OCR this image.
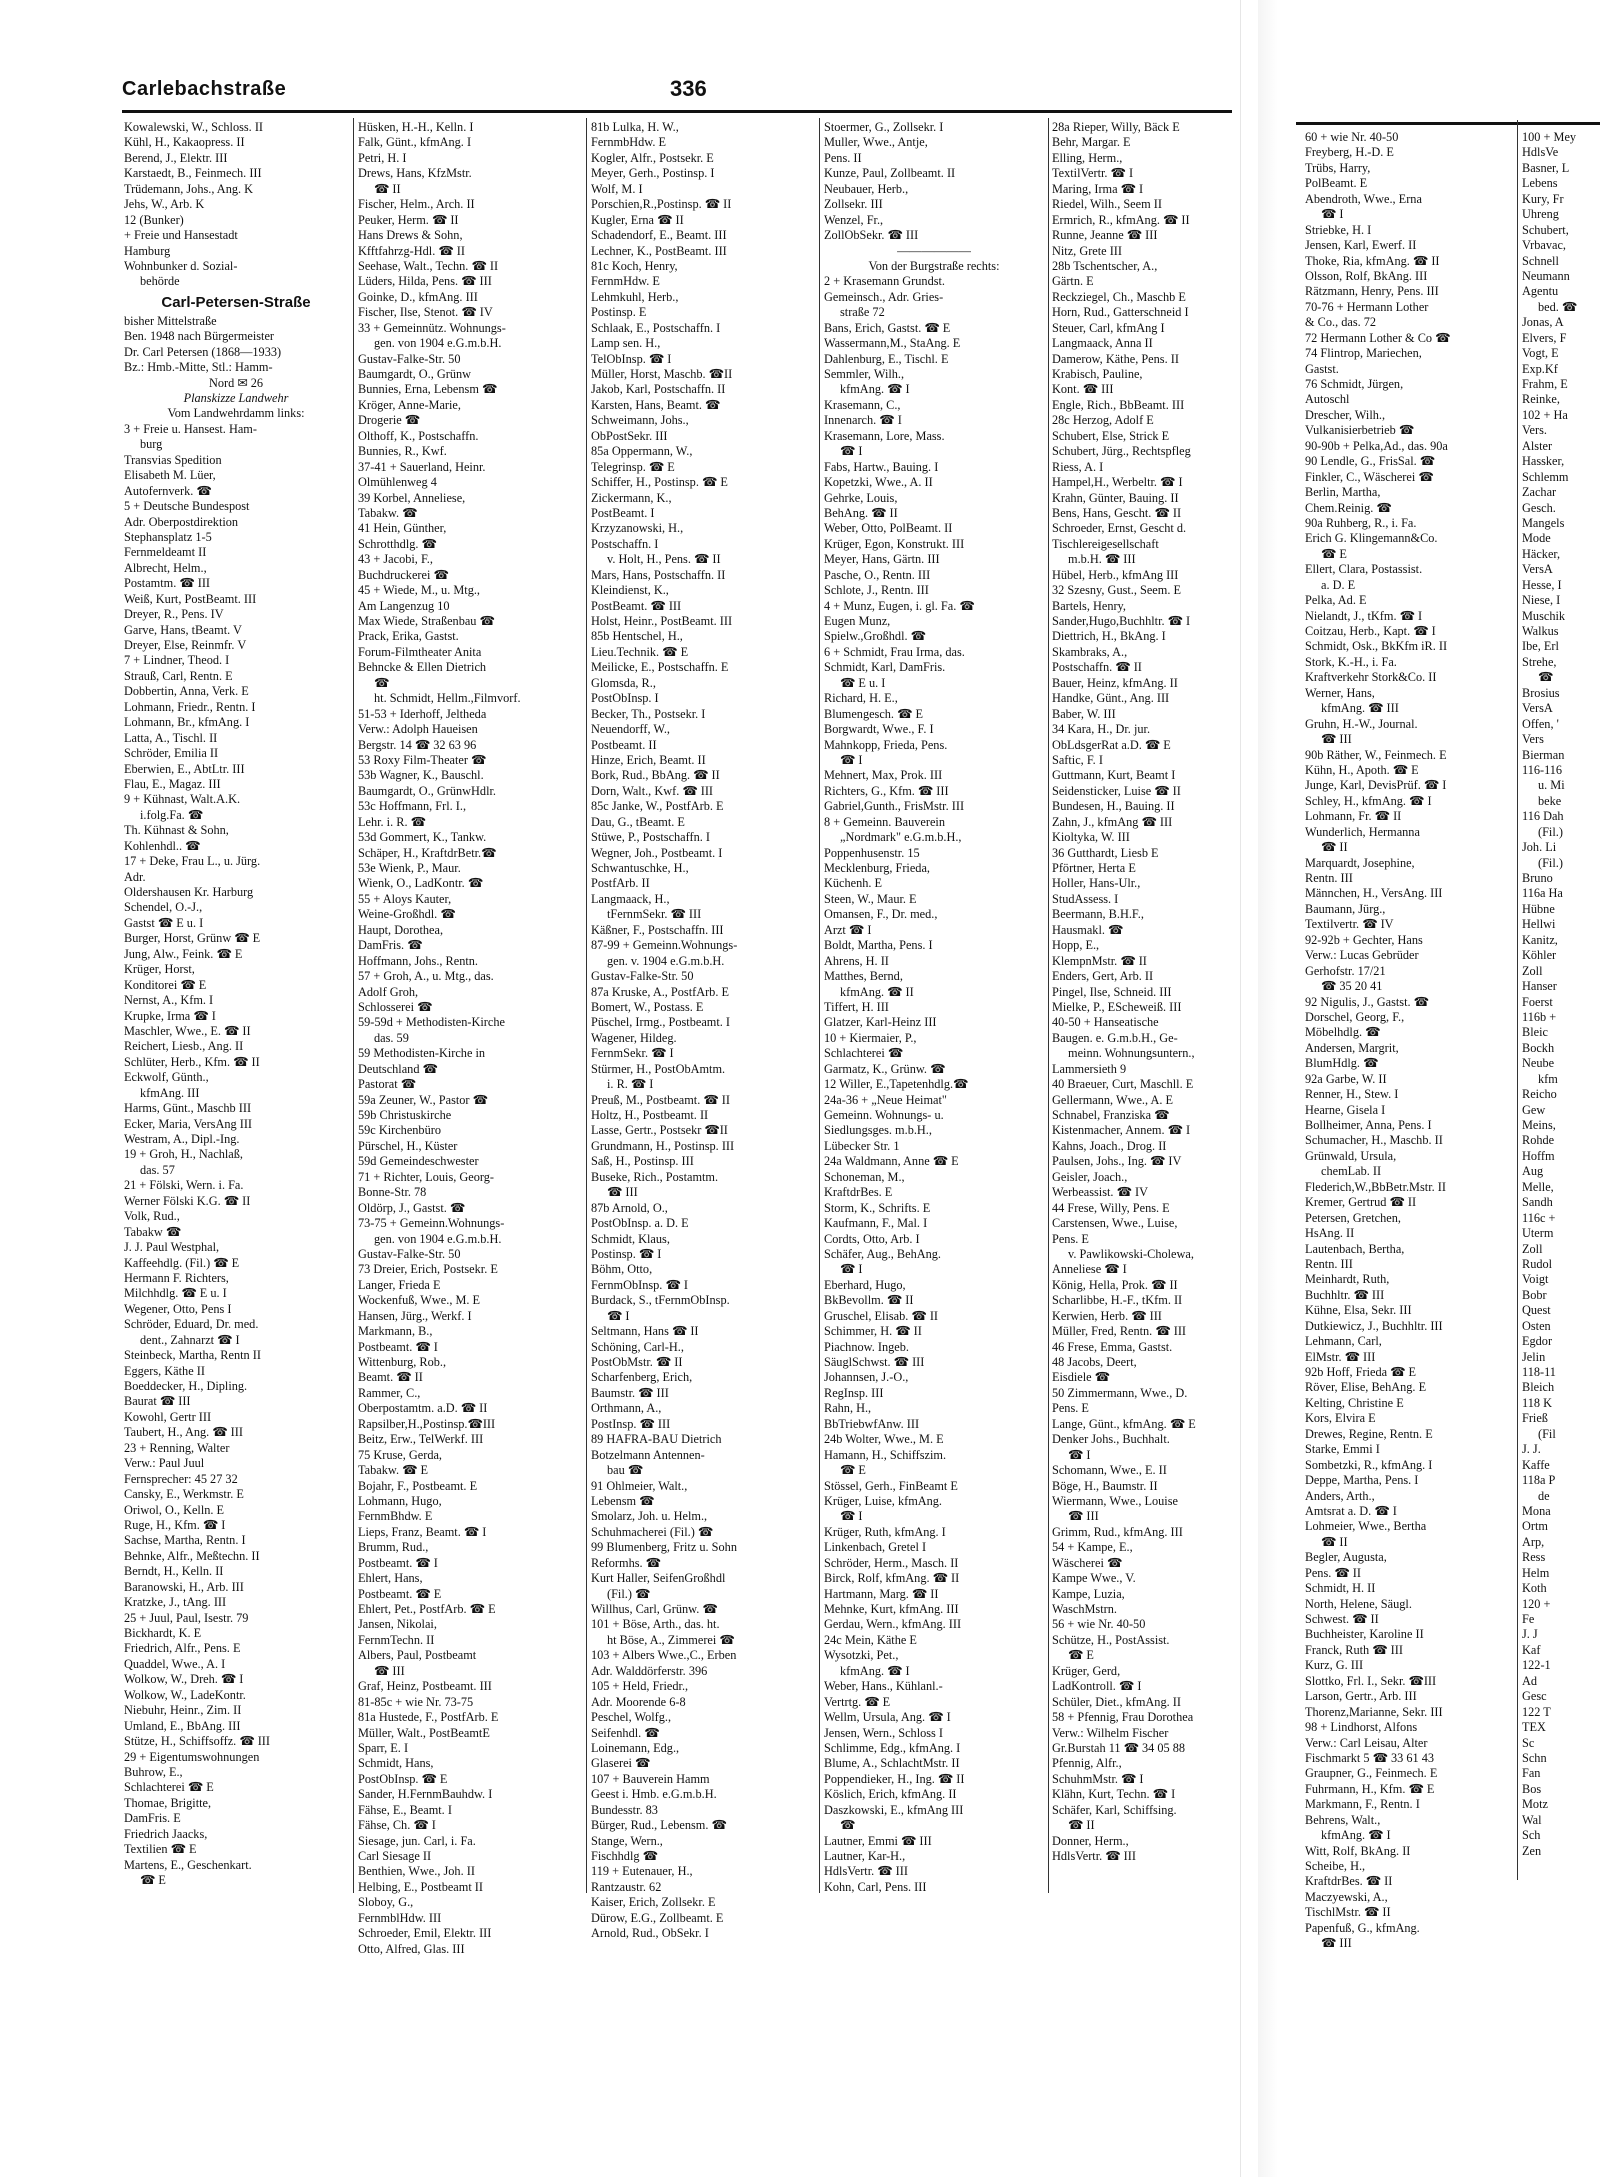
Carlebachstraße	336
Kowalewski, W., Schloss. II
Kühl, H., Kakaopress. II
Berend, J., Elektr. III
Karstaedt, B., Feinmech. III
Trüdemann, Johs., Ang. K
Jehs, W., Arb. K
12 (Bunker)
+ Freie und Hansestadt
Hamburg
Wohnbunker d. Sozial-
behörde
Carl-Petersen-Straße
bisher Mittelstraße
Ben. 1948 nach Bürgermeister
Dr. Carl Petersen (1868—1933)
Bz.: Hmb.-Mitte, Stl.: Hamm-
Nord ✉ 26
Planskizze Landwehr
Vom Landwehrdamm links:
3 + Freie u. Hansest. Ham-
burg
Transvias Spedition
Elisabeth M. Lüer,
Autofernverk. ☎
5 + Deutsche Bundespost
Adr. Oberpostdirektion
Stephansplatz 1-5
Fernmeldeamt II
Albrecht, Helm.,
Postamtm. ☎ III
Weiß, Kurt, PostBeamt. III
Dreyer, R., Pens. IV
Garve, Hans, tBeamt. V
Dreyer, Else, Reinmfr. V
7 + Lindner, Theod. I
Strauß, Carl, Rentn. E
Dobbertin, Anna, Verk. E
Lohmann, Friedr., Rentn. I
Lohmann, Br., kfmAng. I
Latta, A., Tischl. II
Schröder, Emilia II
Eberwien, E., AbtLtr. III
Flau, E., Magaz. III
9 + Kühnast, Walt.A.K.
i.folg.Fa. ☎
Th. Kühnast & Sohn,
Kohlenhdl.. ☎
17 + Deke, Frau L., u. Jürg.
Adr.
Oldershausen Kr. Harburg
Schendel, O.-J.,
Gastst ☎ E u. I
Burger, Horst, Grünw ☎ E
Jung, Alw., Feink. ☎ E
Krüger, Horst,
Konditorei ☎ E
Nernst, A., Kfm. I
Krupke, Irma ☎ I
Maschler, Wwe., E. ☎ II
Reichert, Liesb., Ang. II
Schlüter, Herb., Kfm. ☎ II
Eckwolf, Günth.,
kfmAng. III
Harms, Günt., Maschb III
Ecker, Maria, VersAng III
Westram, A., Dipl.-Ing.
19 + Groh, H., Nachlaß,
das. 57
21 + Fölski, Wern. i. Fa.
Werner Fölski K.G. ☎ II
Volk, Rud.,
Tabakw ☎
J. J. Paul Westphal,
Kaffeehdlg. (Fil.) ☎ E
Hermann F. Richters,
Milchhdlg. ☎ E u. I
Wegener, Otto, Pens I
Schröder, Eduard, Dr. med.
dent., Zahnarzt ☎ I
Steinbeck, Martha, Rentn II
Eggers, Käthe II
Boeddecker, H., Dipling.
Baurat ☎ III
Kowohl, Gertr III
Taubert, H., Ang. ☎ III
23 + Renning, Walter
Verw.: Paul Juul
Fernsprecher: 45 27 32
Cansky, E., Werkmstr. E
Oriwol, O., Kelln. E
Ruge, H., Kfm. ☎ I
Sachse, Martha, Rentn. I
Behnke, Alfr., Meßtechn. II
Berndt, H., Kelln. II
Baranowski, H., Arb. III
Kratzke, J., tAng. III
25 + Juul, Paul, Isestr. 79
Bickhardt, K. E
Friedrich, Alfr., Pens. E
Quaddel, Wwe., A. I
Wolkow, W., Dreh. ☎ I
Wolkow, W., LadeKontr.
Niebuhr, Heinr., Zim. II
Umland, E., BbAng. III
Stütze, H., Schiffsoffz. ☎ III
29 + Eigentumswohnungen
Buhrow, E.,
Schlachterei ☎ E
Thomae, Brigitte,
DamFris. E
Friedrich Jaacks,
Textilien ☎ E
Martens, E., Geschenkart.
☎ E
Hüsken, H.-H., Kelln. I
Falk, Günt., kfmAng. I
Petri, H. I
Drews, Hans, KfzMstr.
☎ II
Fischer, Helm., Arch. II
Peuker, Herm. ☎ II
Hans Drews & Sohn,
Kfftfahrzg-Hdl. ☎ II
Seehase, Walt., Techn. ☎ II
Lüders, Hilda, Pens. ☎ III
Goinke, D., kfmAng. III
Fischer, Ilse, Stenot. ☎ IV
33 + Gemeinnütz. Wohnungs-
gen. von 1904 e.G.m.b.H.
Gustav-Falke-Str. 50
Baumgardt, O., Grünw
Bunnies, Erna, Lebensm ☎
Kröger, Anne-Marie,
Drogerie ☎
Olthoff, K., Postschaffn.
Bunnies, R., Kwf.
37-41 + Sauerland, Heinr.
Olmühlenweg 4
39 Korbel, Anneliese,
Tabakw. ☎
41 Hein, Günther,
Schrotthdlg. ☎
43 + Jacobi, F.,
Buchdruckerei ☎
45 + Wiede, M., u. Mtg.,
Am Langenzug 10
Max Wiede, Straßenbau ☎
Prack, Erika, Gastst.
Forum-Filmtheater Anita
Behncke & Ellen Dietrich
☎
ht. Schmidt, Hellm.,Filmvorf.
51-53 + Iderhoff, Jeltheda
Verw.: Adolph Haueisen
Bergstr. 14 ☎ 32 63 96
53 Roxy Film-Theater ☎
53b Wagner, K., Bauschl.
Baumgardt, O., GrünwHdlr.
53c Hoffmann, Frl. I.,
Lehr. i. R. ☎
53d Gommert, K., Tankw.
Schäper, H., KraftdrBetr.☎
53e Wienk, P., Maur.
Wienk, O., LadKontr. ☎
55 + Aloys Kauter,
Weine-Großhdl. ☎
Haupt, Dorothea,
DamFris. ☎
Hoffmann, Johs., Rentn.
57 + Groh, A., u. Mtg., das.
Adolf Groh,
Schlosserei ☎
59-59d + Methodisten-Kirche
das. 59
59 Methodisten-Kirche in
Deutschland ☎
Pastorat ☎
59a Zeuner, W., Pastor ☎
59b Christuskirche
59c Kirchenbüro
Pürschel, H., Küster
59d Gemeindeschwester
71 + Richter, Louis, Georg-
Bonne-Str. 78
Oldörp, J., Gastst. ☎
73-75 + Gemeinn.Wohnungs-
gen. von 1904 e.G.m.b.H.
Gustav-Falke-Str. 50
73 Dreier, Erich, Postsekr. E
Langer, Frieda E
Wockenfuß, Wwe., M. E
Hansen, Jürg., Werkf. I
Markmann, B.,
Postbeamt. ☎ I
Wittenburg, Rob.,
Beamt. ☎ II
Rammer, C.,
Oberpostamtm. a.D. ☎ II
Rapsilber,H.,Postinsp.☎III
Beitz, Erw., TelWerkf. III
75 Kruse, Gerda,
Tabakw. ☎ E
Bojahr, F., Postbeamt. E
Lohmann, Hugo,
FernmBhdw. E
Lieps, Franz, Beamt. ☎ I
Brumm, Rud.,
Postbeamt. ☎ I
Ehlert, Hans,
Postbeamt. ☎ E
Ehlert, Pet., PostfArb. ☎ E
Jansen, Nikolai,
FernmTechn. II
Albers, Paul, Postbeamt
☎ III
Graf, Heinz, Postbeamt. III
81-85c + wie Nr. 73-75
81a Hustede, F., PostfArb. E
Müller, Walt., PostBeamtE
Sparr, E. I
Schmidt, Hans,
PostObInsp. ☎ E
Sander, H.FernmBauhdw. I
Fähse, E., Beamt. I
Fähse, Ch. ☎ I
Siesage, jun. Carl, i. Fa.
Carl Siesage II
Benthien, Wwe., Joh. II
Helbing, E., Postbeamt II
Sloboy, G.,
FernmblHdw. III
Schroeder, Emil, Elektr. III
Otto, Alfred, Glas. III
81b Lulka, H. W.,
FernmbHdw. E
Kogler, Alfr., Postsekr. E
Meyer, Gerh., Postinsp. I
Wolf, M. I
Porschien,R.,Postinsp. ☎ II
Kugler, Erna ☎ II
Schadendorf, E., Beamt. III
Lechner, K., PostBeamt. III
81c Koch, Henry,
FernmHdw. E
Lehmkuhl, Herb.,
Postinsp. E
Schlaak, E., Postschaffn. I
Lamp sen. H.,
TelObInsp. ☎ I
Müller, Horst, Maschb. ☎II
Jakob, Karl, Postschaffn. II
Karsten, Hans, Beamt. ☎
Schweimann, Johs.,
ObPostSekr. III
85a Oppermann, W.,
Telegrinsp. ☎ E
Schiffer, H., Postinsp. ☎ E
Zickermann, K.,
PostBeamt. I
Krzyzanowski, H.,
Postschaffn. I
v. Holt, H., Pens. ☎ II
Mars, Hans, Postschaffn. II
Kleindienst, K.,
PostBeamt. ☎ III
Holst, Heinr., PostBeamt. III
85b Hentschel, H.,
Lieu.Technik. ☎ E
Meilicke, E., Postschaffn. E
Glomsda, R.,
PostObInsp. I
Becker, Th., Postsekr. I
Neuendorff, W.,
Postbeamt. II
Hinze, Erich, Beamt. II
Bork, Rud., BbAng. ☎ II
Dorn, Walt., Kwf. ☎ III
85c Janke, W., PostfArb. E
Dau, G., tBeamt. E
Stüwe, P., Postschaffn. I
Wegner, Joh., Postbeamt. I
Schwantuschke, H.,
PostfArb. II
Langmaack, H.,
tFernmSekr. ☎ III
Käßner, F., Postschaffn. III
87-99 + Gemeinn.Wohnungs-
gen. v. 1904 e.G.m.b.H.
Gustav-Falke-Str. 50
87a Kruske, A., PostfArb. E
Bomert, W., Postass. E
Püschel, Irmg., Postbeamt. I
Wagener, Hildeg.
FernmSekr. ☎ I
Stürmer, H., PostObAmtm.
i. R. ☎ I
Preuß, M., Postbeamt. ☎ II
Holtz, H., Postbeamt. II
Lasse, Gertr., Postsekr ☎II
Grundmann, H., Postinsp. III
Saß, H., Postinsp. III
Buseke, Rich., Postamtm.
☎ III
87b Arnold, O.,
PostObInsp. a. D. E
Schmidt, Klaus,
Postinsp. ☎ I
Böhm, Otto,
FernmObInsp. ☎ I
Burdack, S., tFernmObInsp.
☎ I
Seltmann, Hans ☎ II
Schöning, Carl-H.,
PostObMstr. ☎ II
Scharfenberg, Erich,
Baumstr. ☎ III
Orthmann, A.,
PostInsp. ☎ III
89 HAFRA-BAU Dietrich
Botzelmann Antennen-
bau ☎
91 Ohlmeier, Walt.,
Lebensm ☎
Smolarz, Joh. u. Helm.,
Schuhmacherei (Fil.) ☎
99 Blumenberg, Fritz u. Sohn
Reformhs. ☎
Kurt Haller, SeifenGroßhdl
(Fil.) ☎
Willhus, Carl, Grünw. ☎
101 + Böse, Arth., das. ht.
ht Böse, A., Zimmerei ☎
103 + Albers Wwe.,C., Erben
Adr. Walddörferstr. 396
105 + Held, Friedr.,
Adr. Moorende 6-8
Peschel, Wolfg.,
Seifenhdl. ☎
Loinemann, Edg.,
Glaserei ☎
107 + Bauverein Hamm
Geest i. Hmb. e.G.m.b.H.
Bundesstr. 83
Bürger, Rud., Lebensm. ☎
Stange, Wern.,
Fischhdlg ☎
119 + Eutenauer, H.,
Rantzaustr. 62
Kaiser, Erich, Zollsekr. E
Dürow, E.G., Zollbeamt. E
Arnold, Rud., ObSekr. I
Stoermer, G., Zollsekr. I
Muller, Wwe., Antje,
Pens. II
Kunze, Paul, Zollbeamt. II
Neubauer, Herb.,
Zollsekr. III
Wenzel, Fr.,
ZollObSekr. ☎ III
——————
Von der Burgstraße rechts:
2 + Krasemann Grundst.
Gemeinsch., Adr. Gries-
straße 72
Bans, Erich, Gastst. ☎ E
Wassermann,M., StaAng. E
Dahlenburg, E., Tischl. E
Semmler, Wilh.,
kfmAng. ☎ I
Krasemann, C.,
Innenarch. ☎ I
Krasemann, Lore, Mass.
☎ I
Fabs, Hartw., Bauing. I
Kopetzki, Wwe., A. II
Gehrke, Louis,
BehAng. ☎ II
Weber, Otto, PolBeamt. II
Krüger, Egon, Konstrukt. III
Meyer, Hans, Gärtn. III
Pasche, O., Rentn. III
Schlote, J., Rentn. III
4 + Munz, Eugen, i. gl. Fa. ☎
Eugen Munz,
Spielw.,Großhdl. ☎
6 + Schmidt, Frau Irma, das.
Schmidt, Karl, DamFris.
☎ E u. I
Richard, H. E.,
Blumengesch. ☎ E
Borgwardt, Wwe., F. I
Mahnkopp, Frieda, Pens.
☎ I
Mehnert, Max, Prok. III
Richters, G., Kfm. ☎ III
Gabriel,Gunth., FrisMstr. III
8 + Gemeinn. Bauverein
„Nordmark" e.G.m.b.H.,
Poppenhusenstr. 15
Mecklenburg, Frieda,
Küchenh. E
Steen, W., Maur. E
Omansen, F., Dr. med.,
Arzt ☎ I
Boldt, Martha, Pens. I
Ahrens, H. II
Matthes, Bernd,
kfmAng. ☎ II
Tiffert, H. III
Glatzer, Karl-Heinz III
10 + Kiermaier, P.,
Schlachterei ☎
Garmatz, K., Grünw. ☎
12 Willer, E.,Tapetenhdlg.☎
24a-36 + „Neue Heimat"
Gemeinn. Wohnungs- u.
Siedlungsges. m.b.H.,
Lübecker Str. 1
24a Waldmann, Anne ☎ E
Schoneman, M.,
KraftdrBes. E
Storm, K., Schrifts. E
Kaufmann, F., Mal. I
Cordts, Otto, Arb. I
Schäfer, Aug., BehAng.
☎ I
Eberhard, Hugo,
BkBevollm. ☎ II
Gruschel, Elisab. ☎ II
Schimmer, H. ☎ II
Piachnow. Ingeb.
SäuglSchwst. ☎ III
Johannsen, J.-O.,
RegInsp. III
Rahn, H.,
BbTriebwfAnw. III
24b Wolter, Wwe., M. E
Hamann, H., Schiffszim.
☎ E
Stössel, Gerh., FinBeamt E
Krüger, Luise, kfmAng.
☎ I
Krüger, Ruth, kfmAng. I
Linkenbach, Gretel I
Schröder, Herm., Masch. II
Birck, Rolf, kfmAng. ☎ II
Hartmann, Marg. ☎ II
Mehnke, Kurt, kfmAng. III
Gerdau, Wern., kfmAng. III
24c Mein, Käthe E
Wysotzki, Pet.,
kfmAng. ☎ I
Weber, Hans., Kühlanl.-
Vertrtg. ☎ E
Wellm, Ursula, Ang. ☎ I
Jensen, Wern., Schloss I
Schlimme, Edg., kfmAng. I
Blume, A., SchlachtMstr. II
Poppendieker, H., Ing. ☎ II
Köslich, Erich, kfmAng. II
Daszkowski, E., kfmAng III
☎
Lautner, Emmi ☎ III
Lautner, Kar-H.,
HdlsVertr. ☎ III
Kohn, Carl, Pens. III
28a Rieper, Willy, Bäck E
Behr, Margar. E
Elling, Herm.,
TextilVertr. ☎ I
Maring, Irma ☎ I
Riedel, Wilh., Seem II
Ermrich, R., kfmAng. ☎ II
Runne, Jeanne ☎ III
Nitz, Grete III
28b Tschentscher, A.,
Gärtn. E
Reckziegel, Ch., Maschb E
Horn, Rud., Gatterschneid I
Steuer, Carl, kfmAng I
Langmaack, Anna II
Damerow, Käthe, Pens. II
Krabisch, Pauline,
Kont. ☎ III
Engle, Rich., BbBeamt. III
28c Herzog, Adolf E
Schubert, Else, Strick E
Schubert, Jürg., Rechtspfleg
Riess, A. I
Hampel,H., Werbeltr. ☎ I
Krahn, Günter, Bauing. II
Bens, Hans, Gescht. ☎ II
Schroeder, Ernst, Gescht d.
Tischlereigesellschaft
m.b.H. ☎ III
Hübel, Herb., kfmAng III
32 Szesny, Gust., Seem. E
Bartels, Henry,
Sander,Hugo,Buchhltr. ☎ I
Diettrich, H., BkAng. I
Skambraks, A.,
Postschaffn. ☎ II
Bauer, Heinz, kfmAng. II
Handke, Günt., Ang. III
Baber, W. III
34 Kara, H., Dr. jur.
ObLdsgerRat a.D. ☎ E
Saftic, F. I
Guttmann, Kurt, Beamt I
Seidensticker, Luise ☎ II
Bundesen, H., Bauing. II
Zahn, J., kfmAng ☎ III
Kioltyka, W. III
36 Gutthardt, Liesb E
Pförtner, Herta E
Holler, Hans-Ulr.,
StudAssess. I
Beermann, B.H.F.,
Hausmakl. ☎
Hopp, E.,
KlempnMstr. ☎ II
Enders, Gert, Arb. II
Pingel, Ilse, Schneid. III
Mielke, P., EScheweiß. III
40-50 + Hanseatische
Baugen. e. G.m.b.H., Ge-
meinn. Wohnungsuntern.,
Lammersieth 9
40 Braeuer, Curt, Maschll. E
Gellermann, Wwe., A. E
Schnabel, Franziska ☎
Kistenmacher, Annem. ☎ I
Kahns, Joach., Drog. II
Paulsen, Johs., Ing. ☎ IV
Geisler, Joach.,
Werbeassist. ☎ IV
44 Frese, Willy, Pens. E
Carstensen, Wwe., Luise,
Pens. E
v. Pawlikowski-Cholewa,
Anneliese ☎ I
König, Hella, Prok. ☎ II
Scharlibbe, H.-F., tKfm. II
Kerwien, Herb. ☎ III
Müller, Fred, Rentn. ☎ III
46 Frese, Emma, Gastst.
48 Jacobs, Deert,
Eisdiele ☎
50 Zimmermann, Wwe., D.
Pens. E
Lange, Günt., kfmAng. ☎ E
Denker Johs., Buchhalt.
☎ I
Schomann, Wwe., E. II
Böge, H., Baumstr. II
Wiermann, Wwe., Louise
☎ III
Grimm, Rud., kfmAng. III
54 + Kampe, E.,
Wäscherei ☎
Kampe Wwe., V.
Kampe, Luzia,
WaschMstrn.
56 + wie Nr. 40-50
Schütze, H., PostAssist.
☎ E
Krüger, Gerd,
LadKontroll. ☎ I
Schüler, Diet., kfmAng. II
58 + Pfennig, Frau Dorothea
Verw.: Wilhelm Fischer
Gr.Burstah 11 ☎ 34 05 88
Pfennig, Alfr.,
SchuhmMstr. ☎ I
Klähn, Kurt, Techn. ☎ I
Schäfer, Karl, Schiffsing.
☎ II
Donner, Herm.,
HdlsVertr. ☎ III
60 + wie Nr. 40-50
Freyberg, H.-D. E
Trübs, Harry,
PolBeamt. E
Abendroth, Wwe., Erna
☎ I
Striebke, H. I
Jensen, Karl, Ewerf. II
Thoke, Ria, kfmAng. ☎ II
Olsson, Rolf, BkAng. III
Rätzmann, Henry, Pens. III
70-76 + Hermann Lother
& Co., das. 72
72 Hermann Lother & Co ☎
74 Flintrop, Mariechen,
Gastst.
76 Schmidt, Jürgen,
Autoschl
Drescher, Wilh.,
Vulkanisierbetrieb ☎
90-90b + Pelka,Ad., das. 90a
90 Lendle, G., FrisSal. ☎
Finkler, C., Wäscherei ☎
Berlin, Martha,
Chem.Reinig. ☎
90a Ruhberg, R., i. Fa.
Erich G. Klingemann&Co.
☎ E
Ellert, Clara, Postassist.
a. D. E
Pelka, Ad. E
Nielandt, J., tKfm. ☎ I
Coitzau, Herb., Kapt. ☎ I
Schmidt, Osk., BkKfm iR. II
Stork, K.-H., i. Fa.
Kraftverkehr Stork&Co. II
Werner, Hans,
kfmAng. ☎ III
Gruhn, H.-W., Journal.
☎ III
90b Räther, W., Feinmech. E
Kühn, H., Apoth. ☎ E
Junge, Karl, DevisPrüf. ☎ I
Schley, H., kfmAng. ☎ I
Lohmann, Fr. ☎ II
Wunderlich, Hermanna
☎ II
Marquardt, Josephine,
Rentn. III
Männchen, H., VersAng. III
Baumann, Jürg.,
Textilvertr. ☎ IV
92-92b + Gechter, Hans
Verw.: Lucas Gebrüder
Gerhofstr. 17/21
☎ 35 20 41
92 Nigulis, J., Gastst. ☎
Dorschel, Georg, F.,
Möbelhdlg. ☎
Andersen, Margrit,
BlumHdlg. ☎
92a Garbe, W. II
Renner, H., Stew. I
Hearne, Gisela I
Bollheimer, Anna, Pens. I
Schumacher, H., Maschb. II
Grünwald, Ursula,
chemLab. II
Flederich,W.,BbBetr.Mstr. II
Kremer, Gertrud ☎ II
Petersen, Gretchen,
HsAng. II
Lautenbach, Bertha,
Rentn. III
Meinhardt, Ruth,
Buchhltr. ☎ III
Kühne, Elsa, Sekr. III
Dutkiewicz, J., Buchhltr. III
Lehmann, Carl,
ElMstr. ☎ III
92b Hoff, Frieda ☎ E
Röver, Elise, BehAng. E
Kelting, Christine E
Kors, Elvira E
Drewes, Regine, Rentn. E
Starke, Emmi I
Sombetzki, R., kfmAng. I
Deppe, Martha, Pens. I
Anders, Arth.,
Amtsrat a. D. ☎ I
Lohmeier, Wwe., Bertha
☎ II
Begler, Augusta,
Pens. ☎ II
Schmidt, H. II
North, Helene, Säugl.
Schwest. ☎ II
Buchheister, Karoline II
Franck, Ruth ☎ III
Kurz, G. III
Slottko, Frl. I., Sekr. ☎III
Larson, Gertr., Arb. III
Thorenz,Marianne, Sekr. III
98 + Lindhorst, Alfons
Verw.: Carl Leisau, Alter
Fischmarkt 5 ☎ 33 61 43
Graupner, G., Feinmech. E
Fuhrmann, H., Kfm. ☎ E
Markmann, F., Rentn. I
Behrens, Walt.,
kfmAng. ☎ I
Witt, Rolf, BkAng. II
Scheibe, H.,
KraftdrBes. ☎ II
Maczyewski, A.,
TischlMstr. ☎ II
Papenfuß, G., kfmAng.
☎ III
100 + Mey
HdlsVe
Basner, L
Lebens
Kury, Fr
Uhreng
Schubert,
Vrbavac,
Schnell
Neumann
Agentu
bed. ☎
Jonas, A
Elvers, F
Vogt, E
Exp.Kf
Frahm, E
Reinke,
102 + Ha
Vers.
Alster
Hassker,
Schlemm
Zachar
Gesch.
Mangels
Mode
Häcker,
VersA
Hesse, I
Niese, I
Muschik
Walkus
Ibe, Erl
Strehe,
☎
Brosius
VersA
Offen, '
Vers
Bierman
116-116
u. Mi
beke
116 Dah
(Fil.)
Joh. Li
(Fil.)
Bruno
116a Ha
Hübne
Hellwi
Kanitz,
Köhler
Zoll
Hanser
Foerst
116b +
Bleic
Bockh
Neube
kfm
Reicho
Gew
Meins,
Rohde
Hoffm
Aug
Melle,
Sandh
116c +
Uterm
Zoll
Rudol
Voigt
Bobr
Quest
Osten
Egdor
Jelin
118-11
Bleich
118 K
Frieß
(Fil
J. J.
Kaffe
118a P
de
Mona
Ortm
Arp,
Ress
Helm
Koth
120 +
Fe
J. J
Kaf
122-1
Ad
Gesc
122 T
TEX
Sc
Schn
Fan
Bos
Motz
Wal
Sch
Zen
